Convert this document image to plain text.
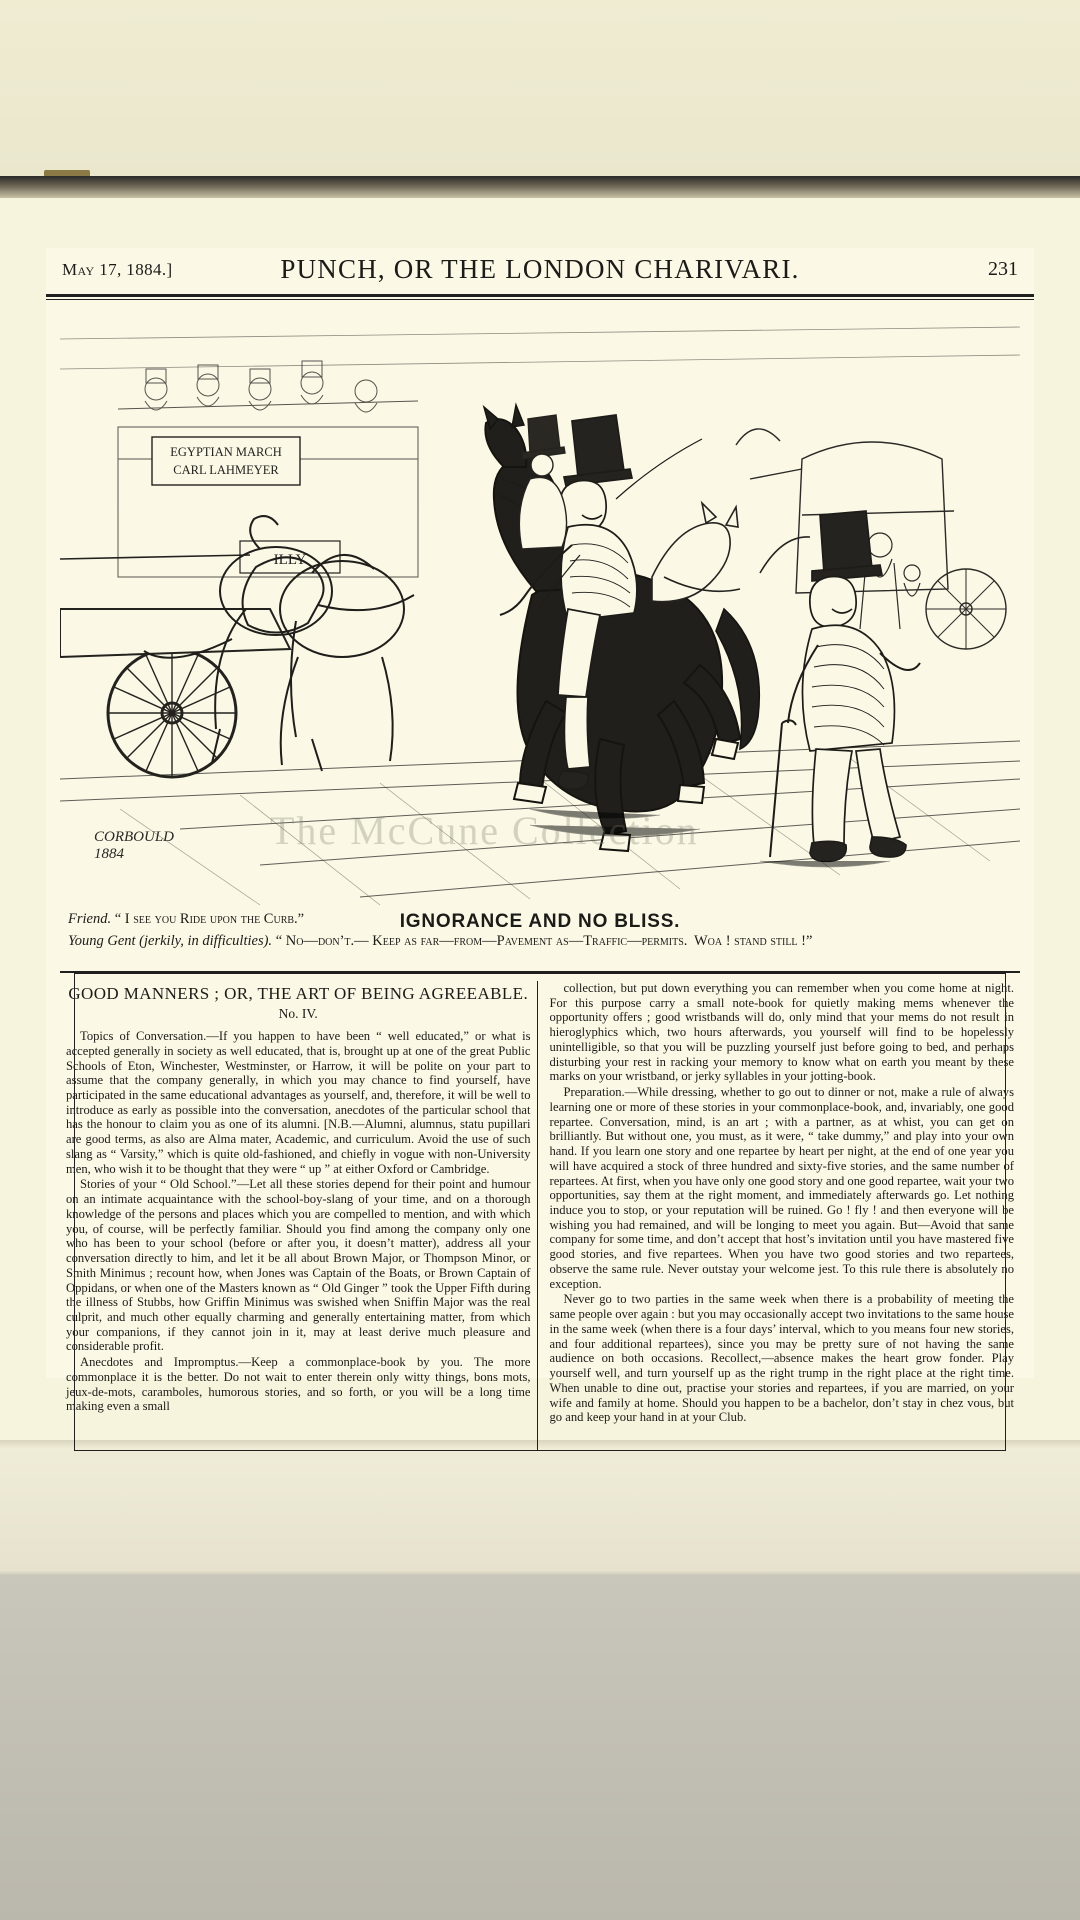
May 17, 1884.]	PUNCH, OR THE LONDON CHARIVARI.	231
EGYPTIAN MARCH
CARL LAHMEYER
ILLY
CORBOULD
1884
The McCune Collection
IGNORANCE AND NO BLISS.
Friend. “ I see you Ride upon the Curb.”
Young Gent (jerkily, in difficulties). “ No—don’t.— Keep as far—from—Pavement as—Traffic—permits.  Woa ! stand still !”
GOOD MANNERS ; OR, THE ART OF BEING AGREEABLE.
No. IV.

Topics of Conversation.—If you happen to have been “ well educated,” or what is accepted generally in society as well educated, that is, brought up at one of the great Public Schools of Eton, Winchester, Westminster, or Harrow, it will be polite on your part to assume that the company generally, in which you may chance to find yourself, have participated in the same educational advantages as yourself, and, therefore, it will be well to introduce as early as possible into the conversation, anecdotes of the particular school that has the honour to claim you as one of its alumni. [N.B.—Alumni, alumnus, statu pupillari are good terms, as also are Alma mater, Academic, and curriculum. Avoid the use of such slang as “ Varsity,” which is quite old-fashioned, and chiefly in vogue with non-University men, who wish it to be thought that they were “ up ” at either Oxford or Cambridge.

Stories of your “ Old School.”—Let all these stories depend for their point and humour on an intimate acquaintance with the school-boy-slang of your time, and on a thorough knowledge of the persons and places which you are compelled to mention, and with which you, of course, will be perfectly familiar. Should you find among the company only one who has been to your school (before or after you, it doesn’t matter), address all your conversation directly to him, and let it be all about Brown Major, or Thompson Minor, or Smith Minimus ; recount how, when Jones was Captain of the Boats, or Brown Captain of Oppidans, or when one of the Masters known as “ Old Ginger ” took the Upper Fifth during the illness of Stubbs, how Griffin Minimus was swished when Sniffin Major was the real culprit, and much other equally charming and generally entertaining matter, from which your companions, if they cannot join in it, may at least derive much pleasure and considerable profit.

Anecdotes and Impromptus.—Keep a commonplace-book by you. The more commonplace it is the better. Do not wait to enter therein only witty things, bons mots, jeux-de-mots, caramboles, humorous stories, and so forth, or you will be a long time making even a small

collection, but put down everything you can remember when you come home at night. For this purpose carry a small note-book for quietly making mems whenever the opportunity offers ; good wristbands will do, only mind that your mems do not result in hieroglyphics which, two hours afterwards, you yourself will find to be hopelessly unintelligible, so that you will be puzzling yourself just before going to bed, and perhaps disturbing your rest in racking your memory to know what on earth you meant by these marks on your wristband, or jerky syllables in your jotting-book.

Preparation.—While dressing, whether to go out to dinner or not, make a rule of always learning one or more of these stories in your commonplace-book, and, invariably, one good repartee. Conversation, mind, is an art ; with a partner, as at whist, you can get on brilliantly. But without one, you must, as it were, “ take dummy,” and play into your own hand. If you learn one story and one repartee by heart per night, at the end of one year you will have acquired a stock of three hundred and sixty-five stories, and the same number of repartees. At first, when you have only one good story and one good repartee, wait your two opportunities, say them at the right moment, and immediately afterwards go. Let nothing induce you to stop, or your reputation will be ruined. Go ! fly ! and then everyone will be wishing you had remained, and will be longing to meet you again. But—Avoid that same company for some time, and don’t accept that host’s invitation until you have mastered five good stories, and five repartees. When you have two good stories and two repartees, observe the same rule. Never outstay your welcome jest. To this rule there is absolutely no exception.

Never go to two parties in the same week when there is a probability of meeting the same people over again : but you may occasionally accept two invitations to the same house in the same week (when there is a four days’ interval, which to you means four new stories, and four additional repartees), since you may be pretty sure of not having the same audience on both occasions. Recollect,—absence makes the heart grow fonder. Play yourself well, and turn yourself up as the right trump in the right place at the right time. When unable to dine out, practise your stories and repartees, if you are married, on your wife and family at home. Should you happen to be a bachelor, don’t stay in chez vous, but go and keep your hand in at your Club.
